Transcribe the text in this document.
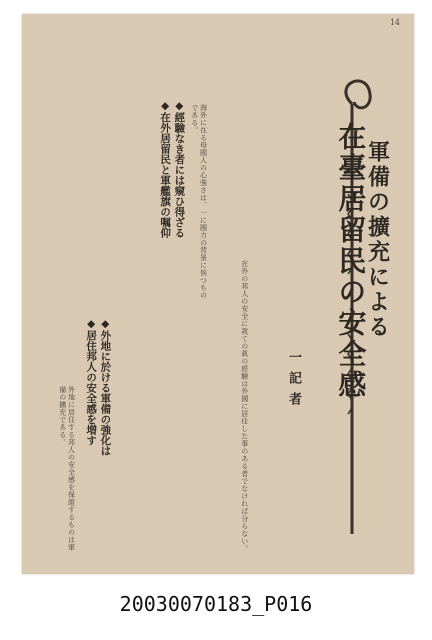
14
軍備の擴充による
在臺居留民の安全感
一記者

◆經驗なき者には窺ひ得ざる

◆在外居留民と軍艦旗の嘱仰

◆外地に於ける軍備の強化は

◆居住邦人の安全感を増す	在外の邦人の安全に就ての眞の經驗は外國に居住した事のある者でなければ分らない。
海外に在る母國人の心強さは、一に國力の背景に俟つものである。
外地に居住する邦人の安全感を保證するものは軍備の擴充である。
20030070183_P016
